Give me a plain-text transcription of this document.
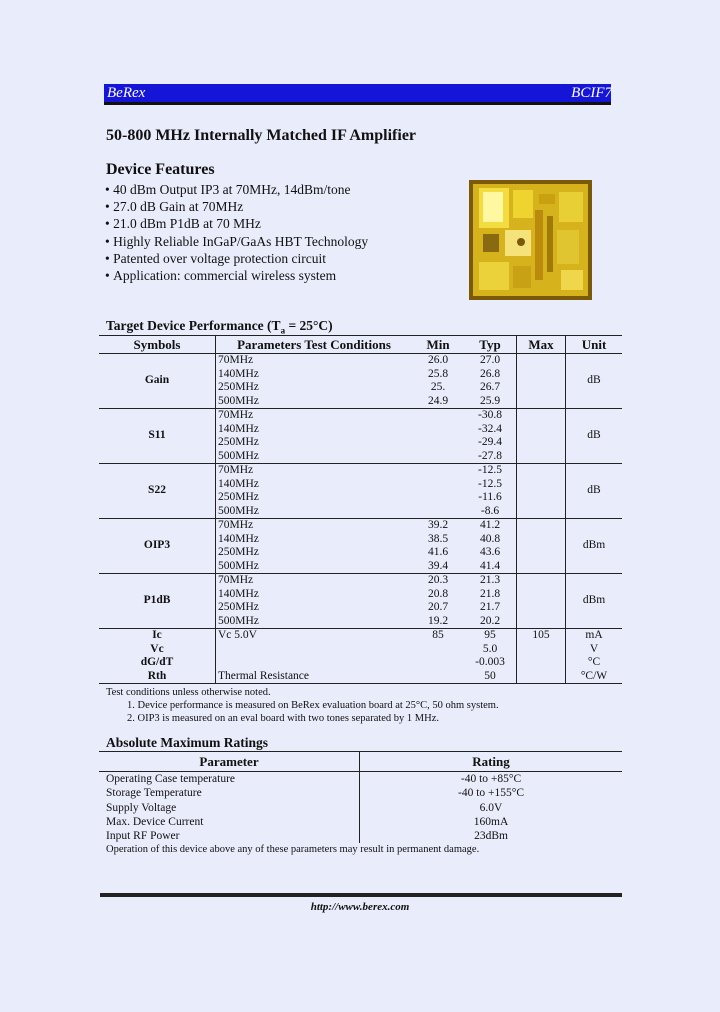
BeRex	BCIF7
50-800 MHz Internally Matched IF Amplifier
Device Features
• 40 dBm Output IP3 at 70MHz, 14dBm/tone
• 27.0 dB Gain at 70MHz
• 21.0 dBm P1dB at 70 MHz
• Highly Reliable InGaP/GaAs HBT Technology
• Patented over voltage protection circuit
• Application: commercial wireless system
Target Device Performance $(T_a = 25^\circ C)$
Symbols	Parameters Test Conditions	Min	Typ	Max	Unit
Gain	70MHz	26.0	27.0		dB
	140MHz	25.8	26.8		
	250MHz	25.	26.7		
	500MHz	24.9	25.9		
S11	70MHz		-30.8		dB
	140MHz		-32.4		
	250MHz		-29.4		
	500MHz		-27.8		
S22	70MHz		-12.5		dB
	140MHz		-12.5		
	250MHz		-11.6		
	500MHz		-8.6		
OIP3	70MHz	39.2	41.2		dBm
	140MHz	38.5	40.8		
	250MHz	41.6	43.6		
	500MHz	39.4	41.4		
P1dB	70MHz	20.3	21.3		dBm
	140MHz	20.8	21.8		
	250MHz	20.7	21.7		
	500MHz	19.2	20.2		
Ic	Vc 5.0V	85	95	105	mA
Vc			5.0		V
dG/dT			-0.003		°C
Rth	Thermal Resistance		50		°C/W
Test conditions unless otherwise noted.
1. Device performance is measured on BeRex evaluation board at 25°C, 50 ohm system.
2. OIP3 is measured on an eval board with two tones separated by 1 MHz.
Absolute Maximum Ratings
Parameter	Rating
Operating Case temperature	-40 to +85°C
Storage Temperature	-40 to +155°C
Supply Voltage	6.0V
Max. Device Current	160mA
Input RF Power	23dBm
Operation of this device above any of these parameters may result in permanent damage.
http://www.berex.com
